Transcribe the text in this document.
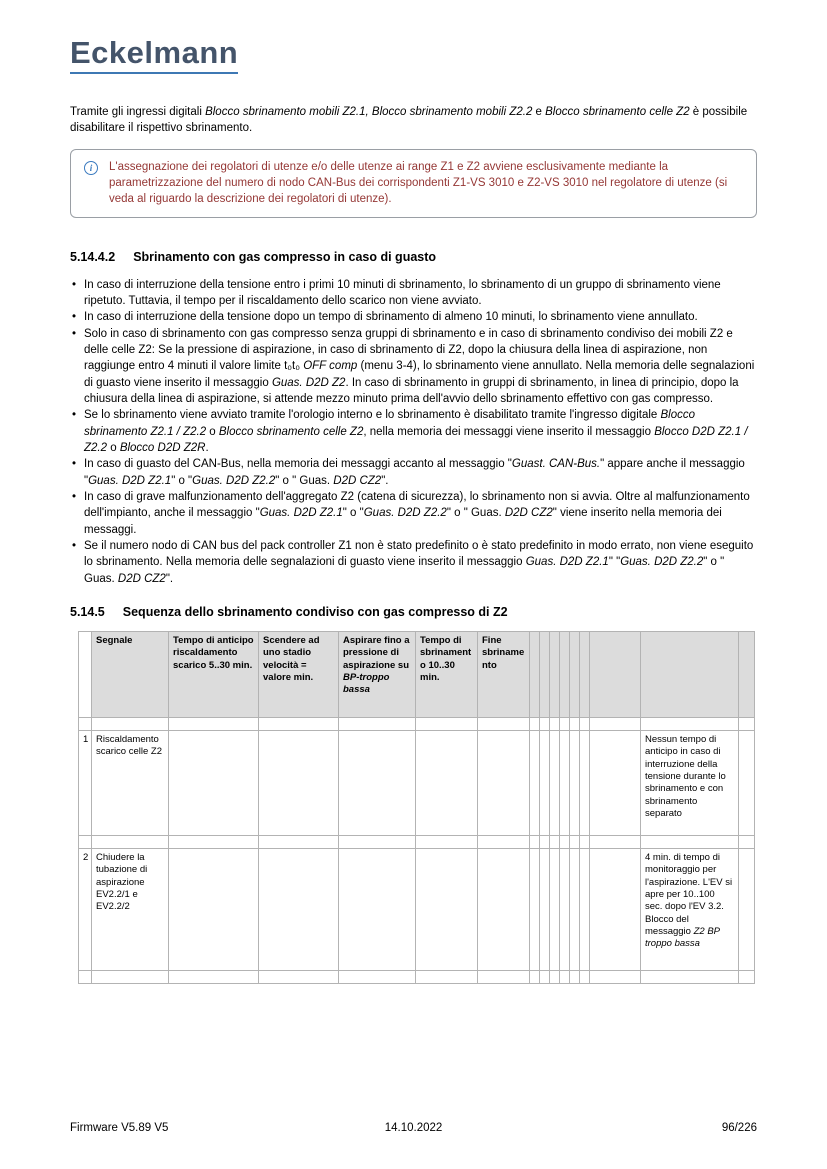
Eckelmann

Tramite gli ingressi digitali Blocco sbrinamento mobili Z2.1, Blocco sbrinamento mobili Z2.2 e Blocco sbrinamento celle Z2 è possibile disabilitare il rispettivo sbrinamento.

i	L'assegnazione dei regolatori di utenze e/o delle utenze ai range Z1 e Z2 avviene esclusivamente mediante la parametrizzazione del numero di nodo CAN-Bus dei corrispondenti Z1-VS 3010 e Z2-VS 3010 nel regolatore di utenze (si veda al riguardo la descrizione dei regolatori di utenze).

5.14.4.2 Sbrinamento con gas compresso in caso di guasto
• In caso di interruzione della tensione entro i primi 10 minuti di sbrinamento, lo sbrinamento di un gruppo di sbrinamento viene ripetuto. Tuttavia, il tempo per il riscaldamento dello scarico non viene avviato.
• In caso di interruzione della tensione dopo un tempo di sbrinamento di almeno 10 minuti, lo sbrinamento viene annullato.
• Solo in caso di sbrinamento con gas compresso senza gruppi di sbrinamento e in caso di sbrinamento condiviso dei mobili Z2 e delle celle Z2: Se la pressione di aspirazione, in caso di sbrinamento di Z2, dopo la chiusura della linea di aspirazione, non raggiunge entro 4 minuti il valore limite t₀t₀ OFF comp (menu 3-4), lo sbrinamento viene annullato. Nella memoria delle segnalazioni di guasto viene inserito il messaggio Guas. D2D Z2. In caso di sbrinamento in gruppi di sbrinamento, in linea di principio, dopo la chiusura della linea di aspirazione, si attende mezzo minuto prima dell'avvio dello sbrinamento effettivo con gas compresso.
• Se lo sbrinamento viene avviato tramite l'orologio interno e lo sbrinamento è disabilitato tramite l'ingresso digitale Blocco sbrinamento Z2.1 / Z2.2 o Blocco sbrinamento celle Z2, nella memoria dei messaggi viene inserito il messaggio Blocco D2D Z2.1 / Z2.2 o Blocco D2D Z2R.
• In caso di guasto del CAN-Bus, nella memoria dei messaggi accanto al messaggio "Guast. CAN-Bus." appare anche il messaggio "Guas. D2D Z2.1" o "Guas. D2D Z2.2" o " Guas. D2D CZ2".
• In caso di grave malfunzionamento dell'aggregato Z2 (catena di sicurezza), lo sbrinamento non si avvia. Oltre al malfunzionamento dell'impianto, anche il messaggio "Guas. D2D Z2.1" o "Guas. D2D Z2.2" o " Guas. D2D CZ2" viene inserito nella memoria dei messaggi.
• Se il numero nodo di CAN bus del pack controller Z1 non è stato predefinito o è stato predefinito in modo errato, non viene eseguito lo sbrinamento. Nella memoria delle segnalazioni di guasto viene inserito il messaggio Guas. D2D Z2.1" "Guas. D2D Z2.2" o " Guas. D2D CZ2".
5.14.5 Sequenza dello sbrinamento condiviso con gas compresso di Z2
	Segnale	Tempo di anticipo riscaldamento scarico 5..30 min.	Scendere ad uno stadio velocità = valore min.	Aspirare fino a pressione di aspirazione su BP-troppo bassa	Tempo di sbrinamento 10..30 min.	Fine sbrinamento									

1	Riscaldamento scarico celle Z2													Nessun tempo di anticipo in caso di interruzione della tensione durante lo sbrinamento e con sbrinamento separato	

2	Chiudere la tubazione di aspirazione EV2.2/1 e EV2.2/2													4 min. di tempo di monitoraggio per l'aspirazione. L'EV si apre per 10..100 sec. dopo l'EV 3.2. Blocco del messaggio Z2 BP troppo bassa	

Firmware V5.89 V5	14.10.2022	96/226
